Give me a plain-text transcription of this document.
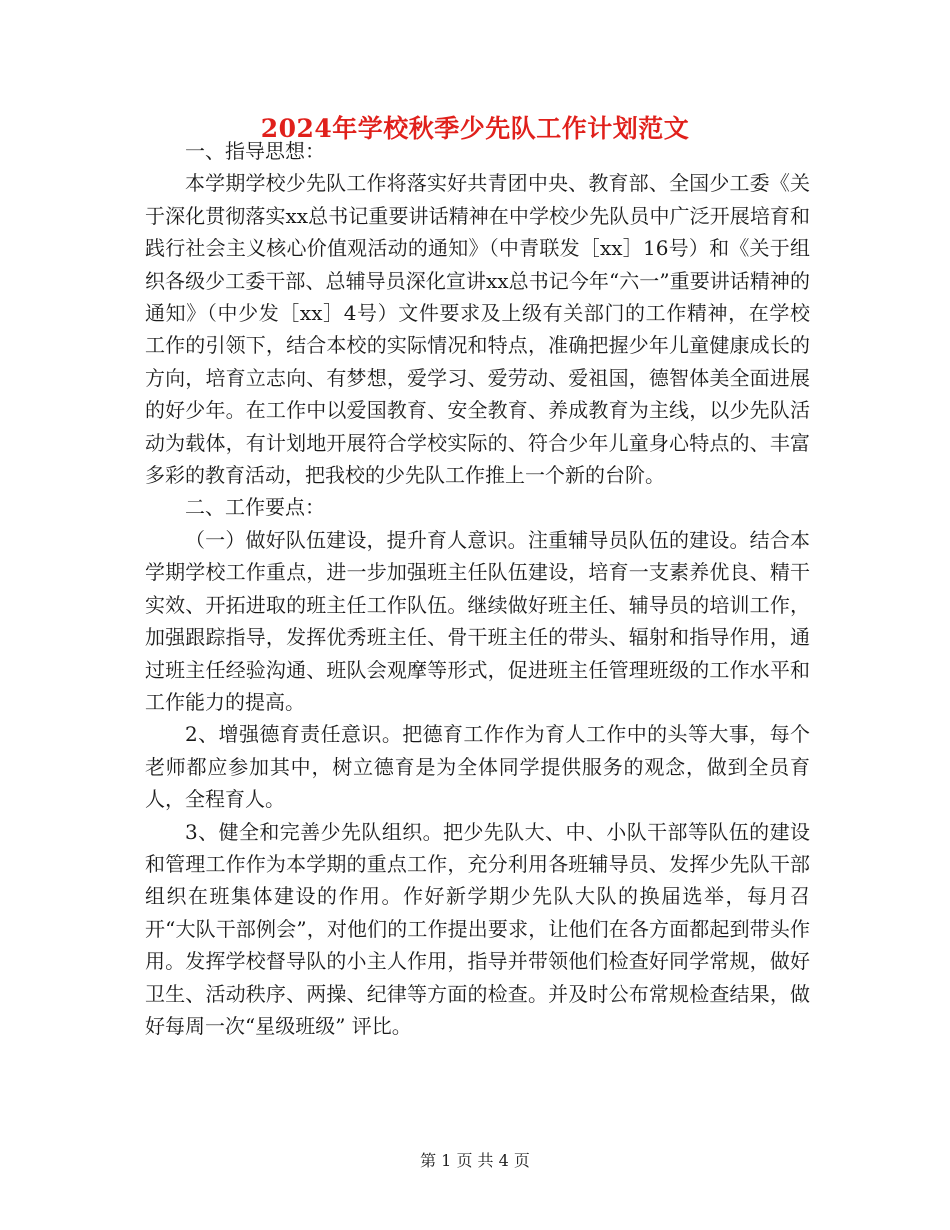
2024年学校秋季少先队工作计划范文

一、指导思想：

本学期学校少先队工作将落实好共青团中央、教育部、全国少工委《关于深化贯彻落实xx总书记重要讲话精神在中学校少先队员中广泛开展培育和践行社会主义核心价值观活动的通知》（中青联发［xx］16号）和《关于组织各级少工委干部、总辅导员深化宣讲xx总书记今年“六一”重要讲话精神的通知》（中少发［xx］4号）文件要求及上级有关部门的工作精神，在学校工作的引领下，结合本校的实际情况和特点，准确把握少年儿童健康成长的方向，培育立志向、有梦想，爱学习、爱劳动、爱祖国，德智体美全面进展的好少年。在工作中以爱国教育、安全教育、养成教育为主线，以少先队活动为载体，有计划地开展符合学校实际的、符合少年儿童身心特点的、丰富多彩的教育活动，把我校的少先队工作推上一个新的台阶。

二、工作要点：

（一）做好队伍建设，提升育人意识。注重辅导员队伍的建设。结合本学期学校工作重点，进一步加强班主任队伍建设，培育一支素养优良、精干实效、开拓进取的班主任工作队伍。继续做好班主任、辅导员的培训工作，加强跟踪指导，发挥优秀班主任、骨干班主任的带头、辐射和指导作用，通过班主任经验沟通、班队会观摩等形式，促进班主任管理班级的工作水平和工作能力的提高。

2、增强德育责任意识。把德育工作作为育人工作中的头等大事，每个老师都应参加其中，树立德育是为全体同学提供服务的观念，做到全员育人，全程育人。

3、健全和完善少先队组织。把少先队大、中、小队干部等队伍的建设和管理工作作为本学期的重点工作，充分利用各班辅导员、发挥少先队干部组织在班集体建设的作用。作好新学期少先队大队的换届选举，每月召开“大队干部例会”，对他们的工作提出要求，让他们在各方面都起到带头作用。发挥学校督导队的小主人作用，指导并带领他们检查好同学常规，做好卫生、活动秩序、两操、纪律等方面的检查。并及时公布常规检查结果，做好每周一次“星级班级” 评比。

第 1 页 共 4 页
